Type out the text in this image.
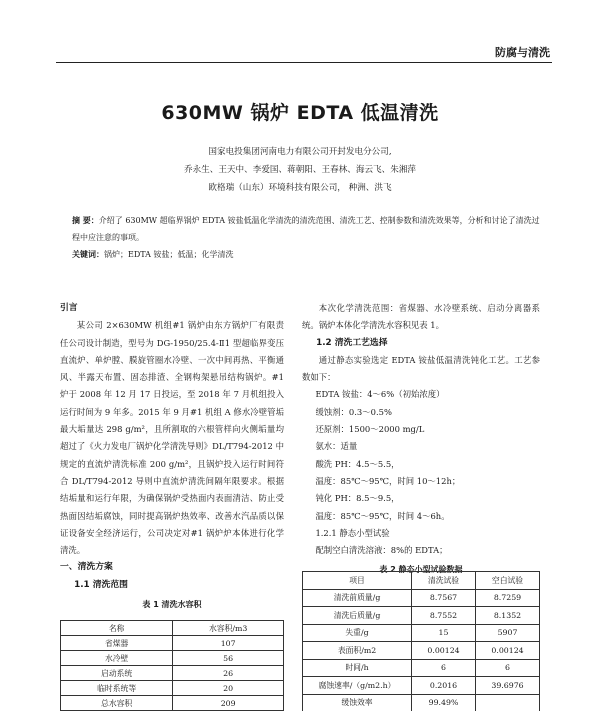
防腐与清洗
630MW 锅炉 EDTA 低温清洗
国家电投集团河南电力有限公司开封发电分公司,
乔永生、王天中、李爱国、蒋朝阳、王春林、海云飞、朱湘萍
欧格瑞（山东）环境科技有限公司， 种洲、洪飞
摘 要：介绍了 630MW 超临界锅炉 EDTA 铵盐低温化学清洗的清洗范围、清洗工艺、控制参数和清洗效果等，分析和讨论了清洗过程中应注意的事项。
关键词：锅炉；EDTA 铵盐；低温；化学清洗
引言
某公司 2×630MW 机组#1 锅炉由东方锅炉厂有限责任公司设计制造，型号为 DG-1950/25.4-Ⅱ1 型超临界变压直流炉、单炉膛、膜旋管圈水冷壁、一次中间再热、平衡通风、半露天布置、固态排渣、全钢构架悬吊结构锅炉。#1 炉于 2008 年 12 月 17 日投运，至 2018 年 7 月机组投入运行时间为 9 年多。2015 年 9 月#1 机组 A 修水冷壁管垢最大垢量达 298 g/m²，且所割取的六根管样向火侧垢量均超过了《火力发电厂锅炉化学清洗导则》DL/T794-2012 中规定的直流炉清洗标准 200 g/m²，且锅炉投入运行时间符合 DL/T794-2012 导则中直流炉清洗间隔年限要求。根据结垢量和运行年限，为确保锅炉受热面内表面清洁、防止受热面因结垢腐蚀，同时提高锅炉热效率、改善水汽品质以保证设备安全经济运行，公司决定对#1 锅炉炉本体进行化学清洗。
一、清洗方案
1.1 清洗范围
表 1 清洗水容积
名称	水容积/m3
省煤器	107
水冷壁	56
启动系统	26
临时系统等	20
总水容积	209
本次化学清洗范围：省煤器、水冷壁系统、启动分离器系统。锅炉本体化学清洗水容积见表 1。
1.2 清洗工艺选择
通过静态实验选定 EDTA 铵盐低温清洗钝化工艺。工艺参数如下：
EDTA 铵盐：4～6%（初始浓度）
缓蚀剂：0.3～0.5%
还原剂：1500～2000 mg/L
氨水：适量
酸洗 PH：4.5～5.5，
温度：85℃～95℃，时间 10～12h；
钝化 PH：8.5～9.5，
温度：85℃～95℃，时间 4～6h。
1.2.1 静态小型试验
配制空白清洗溶液：8%的 EDTA；
表 2 静态小型试验数据
项目	清洗试验	空白试验
清洗前质量/g	8.7567	8.7259
清洗后质量/g	8.7552	8.1352
失重/g	15	5907
表面积/m2	0.00124	0.00124
时间/h	6	6
腐蚀速率/（g/m2.h）	0.2016	39.6976
缓蚀效率	99.49%	
